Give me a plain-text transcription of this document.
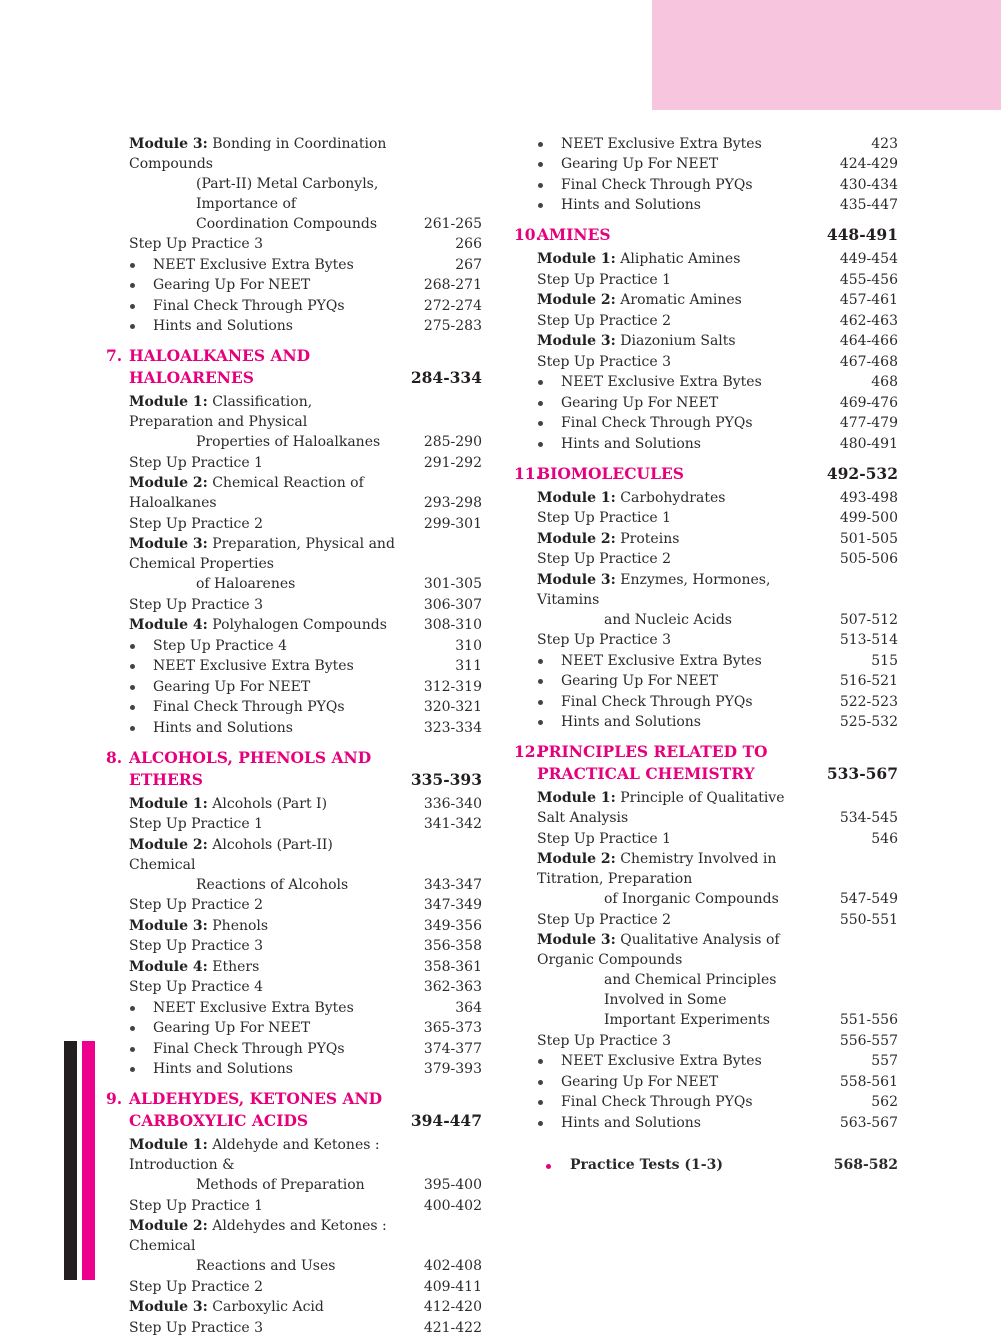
Module 3: Bonding in Coordination Compounds
(Part-II) Metal Carbonyls, Importance of
Coordination Compounds	261-265
Step Up Practice 3	266
NEET Exclusive Extra Bytes	267
Gearing Up For NEET	268-271
Final Check Through PYQs	272-274
Hints and Solutions	275-283
7. HALOALKANES AND HALOARENES	284-334
Module 1: Classification, Preparation and Physical
Properties of Haloalkanes	285-290
Step Up Practice 1	291-292
Module 2: Chemical Reaction of Haloalkanes	293-298
Step Up Practice 2	299-301
Module 3: Preparation, Physical and Chemical Properties
of Haloarenes	301-305
Step Up Practice 3	306-307
Module 4: Polyhalogen Compounds	308-310
Step Up Practice 4	310
NEET Exclusive Extra Bytes	311
Gearing Up For NEET	312-319
Final Check Through PYQs	320-321
Hints and Solutions	323-334
8. ALCOHOLS, PHENOLS AND ETHERS	335-393
Module 1: Alcohols (Part I)	336-340
Step Up Practice 1	341-342
Module 2: Alcohols (Part-II) Chemical
Reactions of Alcohols	343-347
Step Up Practice 2	347-349
Module 3: Phenols	349-356
Step Up Practice 3	356-358
Module 4: Ethers	358-361
Step Up Practice 4	362-363
NEET Exclusive Extra Bytes	364
Gearing Up For NEET	365-373
Final Check Through PYQs	374-377
Hints and Solutions	379-393
9. ALDEHYDES, KETONES AND
CARBOXYLIC ACIDS	394-447
Module 1: Aldehyde and Ketones : Introduction &
Methods of Preparation	395-400
Step Up Practice 1	400-402
Module 2: Aldehydes and Ketones : Chemical
Reactions and Uses	402-408
Step Up Practice 2	409-411
Module 3: Carboxylic Acid	412-420
Step Up Practice 3	421-422
NEET Exclusive Extra Bytes	423
Gearing Up For NEET	424-429
Final Check Through PYQs	430-434
Hints and Solutions	435-447
10.
AMINES	448-491
Module 1: Aliphatic Amines	449-454
Step Up Practice 1	455-456
Module 2: Aromatic Amines	457-461
Step Up Practice 2	462-463
Module 3: Diazonium Salts	464-466
Step Up Practice 3	467-468
NEET Exclusive Extra Bytes	468
Gearing Up For NEET	469-476
Final Check Through PYQs	477-479
Hints and Solutions	480-491
11.
BIOMOLECULES	492-532
Module 1: Carbohydrates	493-498
Step Up Practice 1	499-500
Module 2: Proteins	501-505
Step Up Practice 2	505-506
Module 3: Enzymes, Hormones, Vitamins
and Nucleic Acids	507-512
Step Up Practice 3	513-514
NEET Exclusive Extra Bytes	515
Gearing Up For NEET	516-521
Final Check Through PYQs	522-523
Hints and Solutions	525-532
12.
PRINCIPLES RELATED TO
PRACTICAL CHEMISTRY	533-567
Module 1: Principle of Qualitative Salt Analysis	534-545
Step Up Practice 1	546
Module 2: Chemistry Involved in Titration, Preparation
of Inorganic Compounds	547-549
Step Up Practice 2	550-551
Module 3: Qualitative Analysis of Organic Compounds
and Chemical Principles Involved in Some
Important Experiments	551-556
Step Up Practice 3	556-557
NEET Exclusive Extra Bytes	557
Gearing Up For NEET	558-561
Final Check Through PYQs	562
Hints and Solutions	563-567
Practice Tests (1-3)	568-582
